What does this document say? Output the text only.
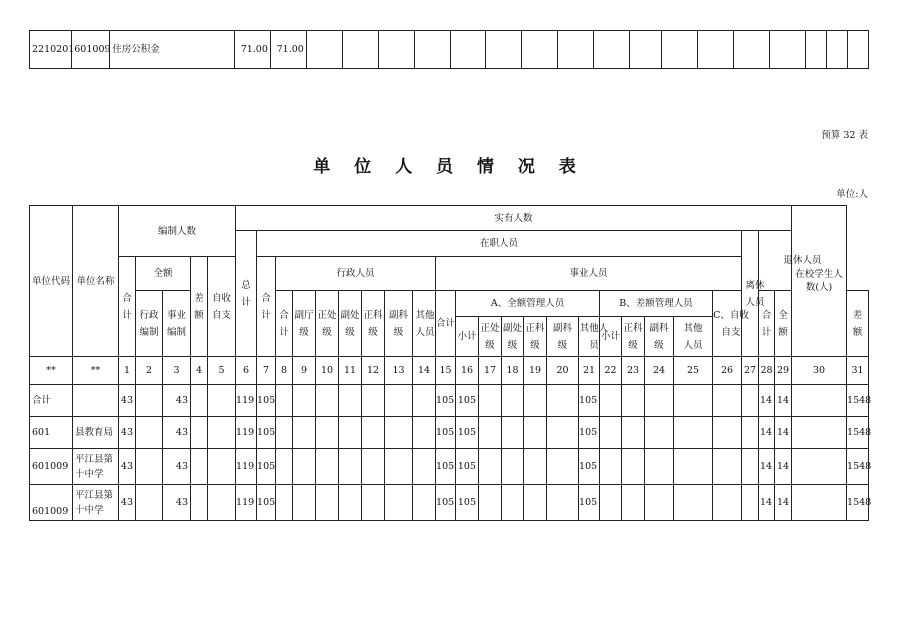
2210201	601009	住房公积金	71.00	71.00																	
预算 32 表
单 位 人 员 情 况 表
单位:人
单位代码	单位名称	编制人数					实有人数																								在校学生人数(人)	
							总计	在职人员																				离休人员	退休人员			
		合计	全额		差额	自收自支		合计	行政人员							事业人员																
			行政编制	事业编制					合计	副厅级	正处级	副处级	正科级	副科级	其他人员	合计	A、全额管理人员						B、差额管理人员				C、自收自支		合计	全额		差额
																	小计	正处级	副处级	正科级	副科级	其他人员	小计	正科级	副科级	其他人员						
**	**	1	2	3	4	5	6	7	8	9	10	11	12	13	14	15	16	17	18	19	20	21	22	23	24	25	26	27	28	29	30	31
合计		43		43			119	105								105	105					105							14	14		1548
601	县教育局	43		43			119	105								105	105					105							14	14		1548
601009	平江县第十中学	43		43			119	105								105	105					105							14	14		1548
601009	平江县第十中学	43		43			119	105								105	105					105							14	14		1548
